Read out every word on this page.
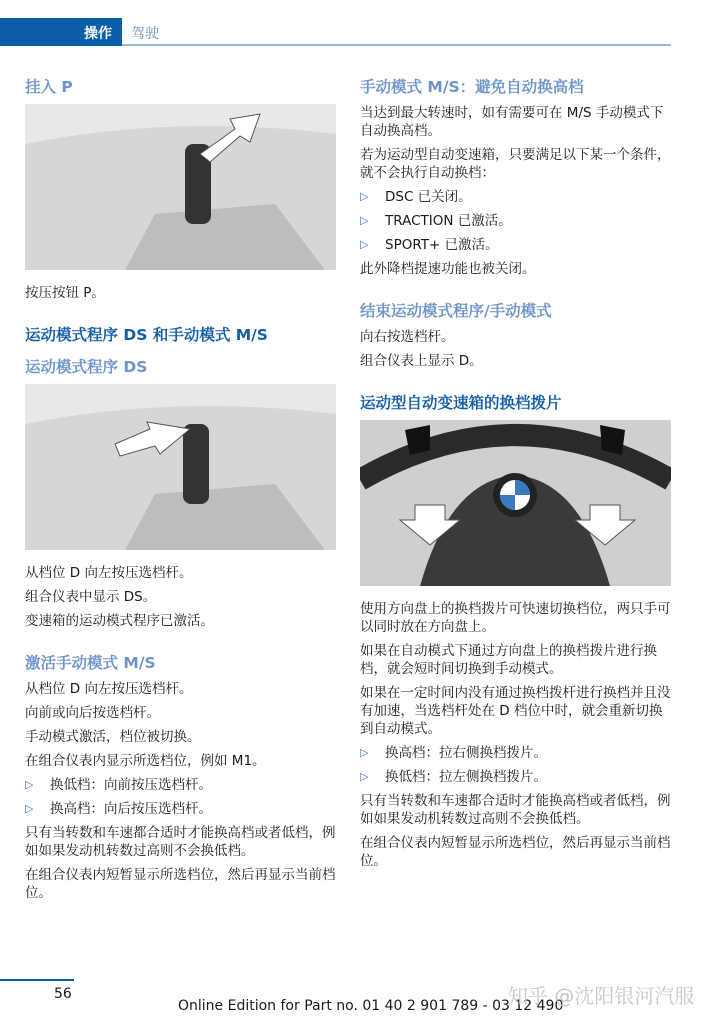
操作 驾驶
挂入 P

按压按钮 P。

运动模式程序 DS 和手动模式 M/S
运动模式程序 DS

从档位 D 向左按压选档杆。

组合仪表中显示 DS。

变速箱的运动模式程序已激活。

激活手动模式 M/S

从档位 D 向左按压选档杆。

向前或向后按选档杆。

手动模式激活，档位被切换。

在组合仪表内显示所选档位，例如 M1。

▷	换低档：向前按压选档杆。
▷	换高档：向后按压选档杆。

只有当转数和车速都合适时才能换高档或者低档，例如如果发动机转数过高则不会换低档。

在组合仪表内短暂显示所选档位，然后再显示当前档位。

手动模式 M/S：避免自动换高档

当达到最大转速时，如有需要可在 M/S 手动模式下自动换高档。

若为运动型自动变速箱，只要满足以下某一个条件，就不会执行自动换档：

▷	DSC 已关闭。
▷	TRACTION 已激活。
▷	SPORT+ 已激活。

此外降档提速功能也被关闭。

结束运动模式程序/手动模式

向右按选档杆。

组合仪表上显示 D。

运动型自动变速箱的换档拨片

使用方向盘上的换档拨片可快速切换档位，两只手可以同时放在方向盘上。

如果在自动模式下通过方向盘上的换档拨片进行换档，就会短时间切换到手动模式。

如果在一定时间内没有通过换档拨杆进行换档并且没有加速，当选档杆处在 D 档位中时，就会重新切换到自动模式。

▷	换高档：拉右侧换档拨片。
▷	换低档：拉左侧换档拨片。

只有当转数和车速都合适时才能换高档或者低档，例如如果发动机转数过高则不会换低档。

在组合仪表内短暂显示所选档位，然后再显示当前档位。

56
Online Edition for Part no. 01 40 2 901 789 - 03 12 490
知乎 @沈阳银河汽服
